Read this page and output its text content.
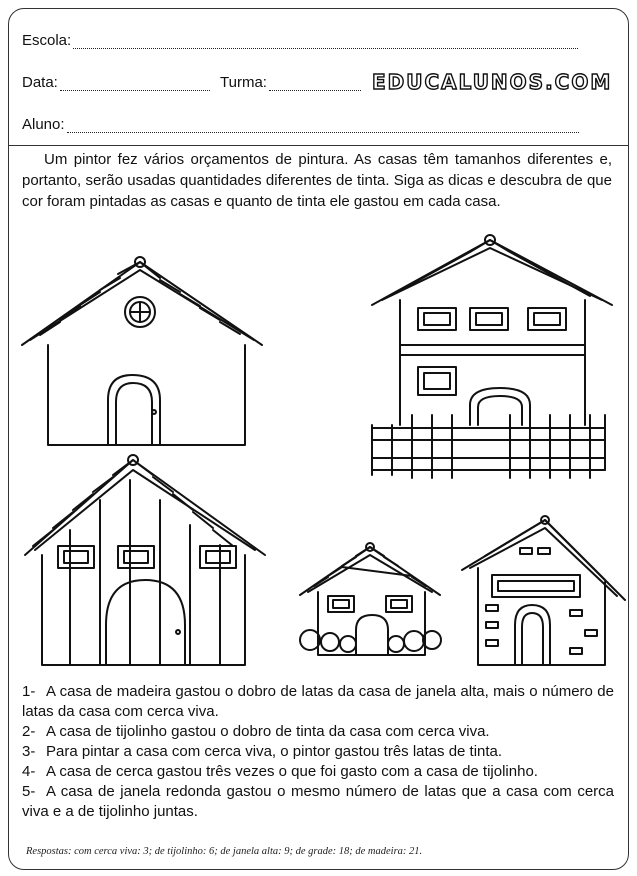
Escola:
Data:	Turma:	EDUCALUNOS.COM
Aluno:
Um pintor fez vários orçamentos de pintura. As casas têm tamanhos diferentes e, portanto, serão usadas quantidades diferentes de tinta. Siga as dicas e descubra de que cor foram pintadas as casas e quanto de tinta ele gastou em cada casa.
1- A casa de madeira gastou o dobro de latas da casa de janela alta, mais o número de latas da casa com cerca viva.
2- A casa de tijolinho gastou o dobro de tinta da casa com cerca viva.
3- Para pintar a casa com cerca viva, o pintor gastou três latas de tinta.
4- A casa de cerca gastou três vezes o que foi gasto com a casa de tijolinho.
5- A casa de janela redonda gastou o mesmo número de latas que a casa com cerca viva e a de tijolinho juntas.
Respostas: com cerca viva: 3; de tijolinho: 6; de janela alta: 9; de grade: 18; de madeira: 21.
